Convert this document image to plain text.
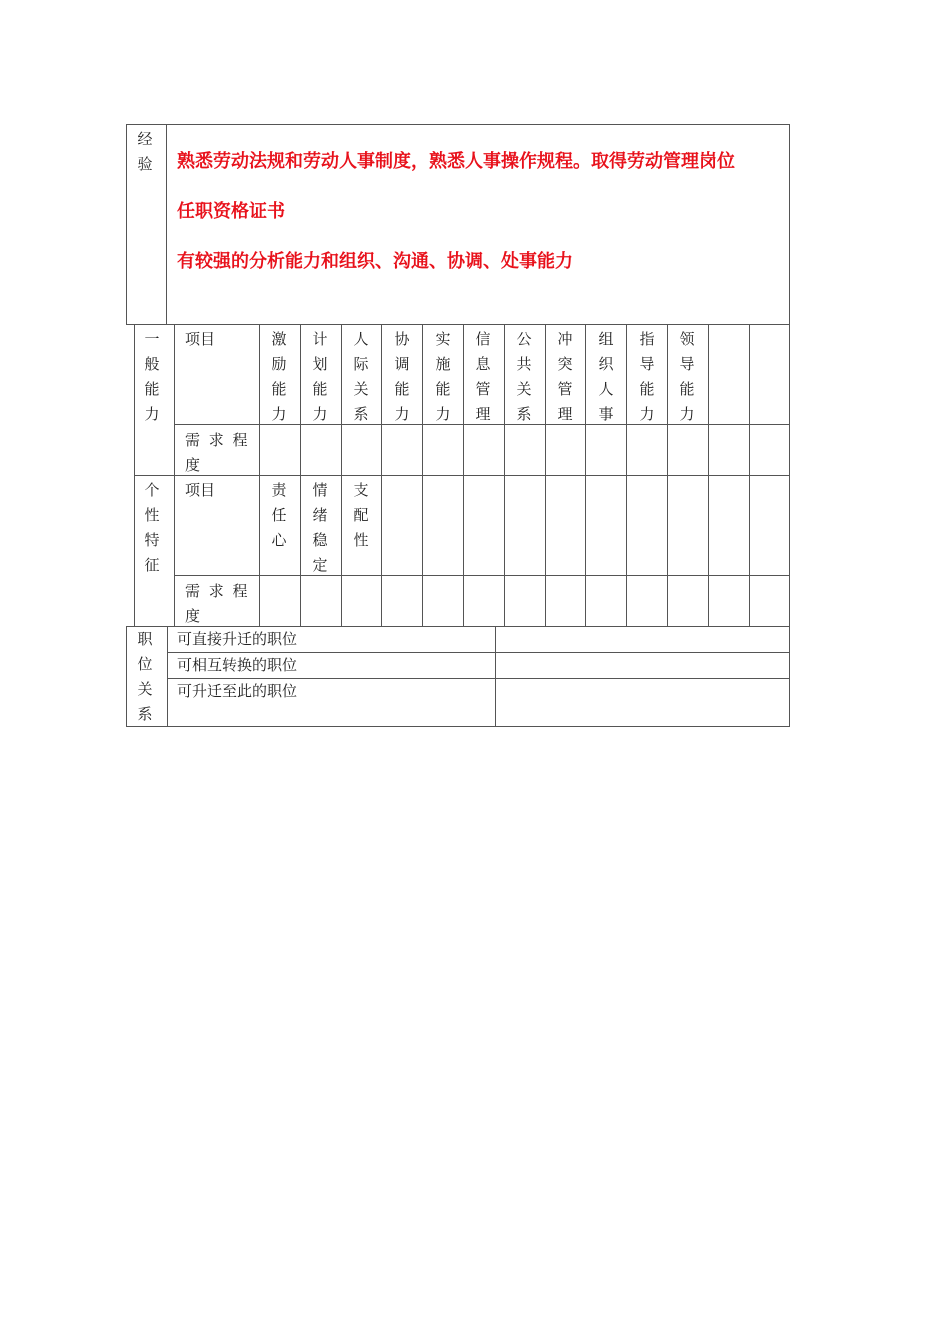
经验 熟悉劳动法规和劳动人事制度，熟悉人事操作规程。取得劳动管理岗位
任职资格证书
有较强的分析能力和组织、沟通、协调、处事能力
一般能力
个性特征
项目
需 求 程 度
项目
需 求 程 度
激励能力
责任心
计划能力
情绪稳定
人际关系
支配性
协调能力
实施能力
信息管理
公共关系
冲突管理
组织人事
指导能力
领导能力
职位关系
可直接升迁的职位
可相互转换的职位
可升迁至此的职位
